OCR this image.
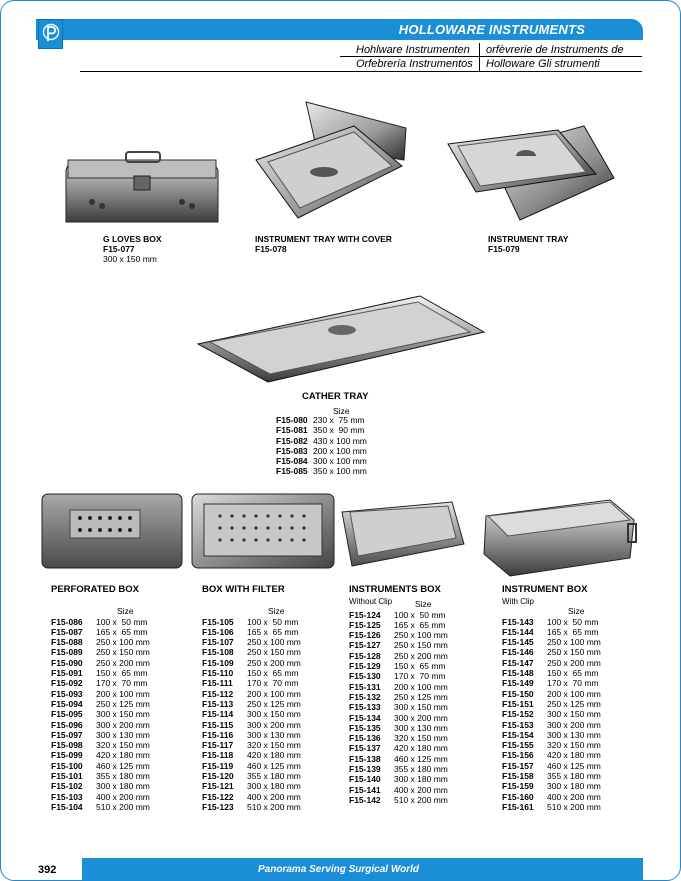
HOLLOWARE INSTRUMENTS
Hohlware Instrumenten orfèvrerie de Instruments de
Orfebrería Instrumentos Holloware Gli strumenti
G LOVES BOX
F15-077
300 x 150 mm
INSTRUMENT TRAY WITH COVER
F15-078
INSTRUMENT TRAY
F15-079
CATHER TRAY
Size
F15-080 230 x  75 mm
F15-081 350 x  90 mm
F15-082 430 x 100 mm
F15-083 200 x 100 mm
F15-084 300 x 100 mm
F15-085 350 x 100 mm
PERFORATED BOX
Size
F15-086 100 x  50 mm
F15-087 165 x  65 mm
F15-088 250 x 100 mm
F15-089 250 x 150 mm
F15-090 250 x 200 mm
F15-091 150 x  65 mm
F15-092 170 x  70 mm
F15-093 200 x 100 mm
F15-094 250 x 125 mm
F15-095 300 x 150 mm
F15-096 300 x 200 mm
F15-097 300 x 130 mm
F15-098 320 x 150 mm
F15-099 420 x 180 mm
F15-100 460 x 125 mm
F15-101 355 x 180 mm
F15-102 300 x 180 mm
F15-103 400 x 200 mm
F15-104 510 x 200 mm
BOX WITH FILTER
Size
F15-105 100 x  50 mm
F15-106 165 x  65 mm
F15-107 250 x 100 mm
F15-108 250 x 150 mm
F15-109 250 x 200 mm
F15-110 150 x  65 mm
F15-111 170 x  70 mm
F15-112 200 x 100 mm
F15-113 250 x 125 mm
F15-114 300 x 150 mm
F15-115 300 x 200 mm
F15-116 300 x 130 mm
F15-117 320 x 150 mm
F15-118 420 x 180 mm
F15-119 460 x 125 mm
F15-120 355 x 180 mm
F15-121 300 x 180 mm
F15-122 400 x 200 mm
F15-123 510 x 200 mm
INSTRUMENTS BOX
Without Clip	Size
F15-124 100 x  50 mm
F15-125 165 x  65 mm
F15-126 250 x 100 mm
F15-127 250 x 150 mm
F15-128 250 x 200 mm
F15-129 150 x  65 mm
F15-130 170 x  70 mm
F15-131 200 x 100 mm
F15-132 250 x 125 mm
F15-133 300 x 150 mm
F15-134 300 x 200 mm
F15-135 300 x 130 mm
F15-136 320 x 150 mm
F15-137 420 x 180 mm
F15-138 460 x 125 mm
F15-139 355 x 180 mm
F15-140 300 x 180 mm
F15-141 400 x 200 mm
F15-142 510 x 200 mm
INSTRUMENT BOX
With Clip
Size
F15-143 100 x  50 mm
F15-144 165 x  65 mm
F15-145 250 x 100 mm
F15-146 250 x 150 mm
F15-147 250 x 200 mm
F15-148 150 x  65 mm
F15-149 170 x  70 mm
F15-150 200 x 100 mm
F15-151 250 x 125 mm
F15-152 300 x 150 mm
F15-153 300 x 200 mm
F15-154 300 x 130 mm
F15-155 320 x 150 mm
F15-156 420 x 180 mm
F15-157 460 x 125 mm
F15-158 355 x 180 mm
F15-159 300 x 180 mm
F15-160 400 x 200 mm
F15-161 510 x 200 mm
392	Panorama Serving Surgical World
